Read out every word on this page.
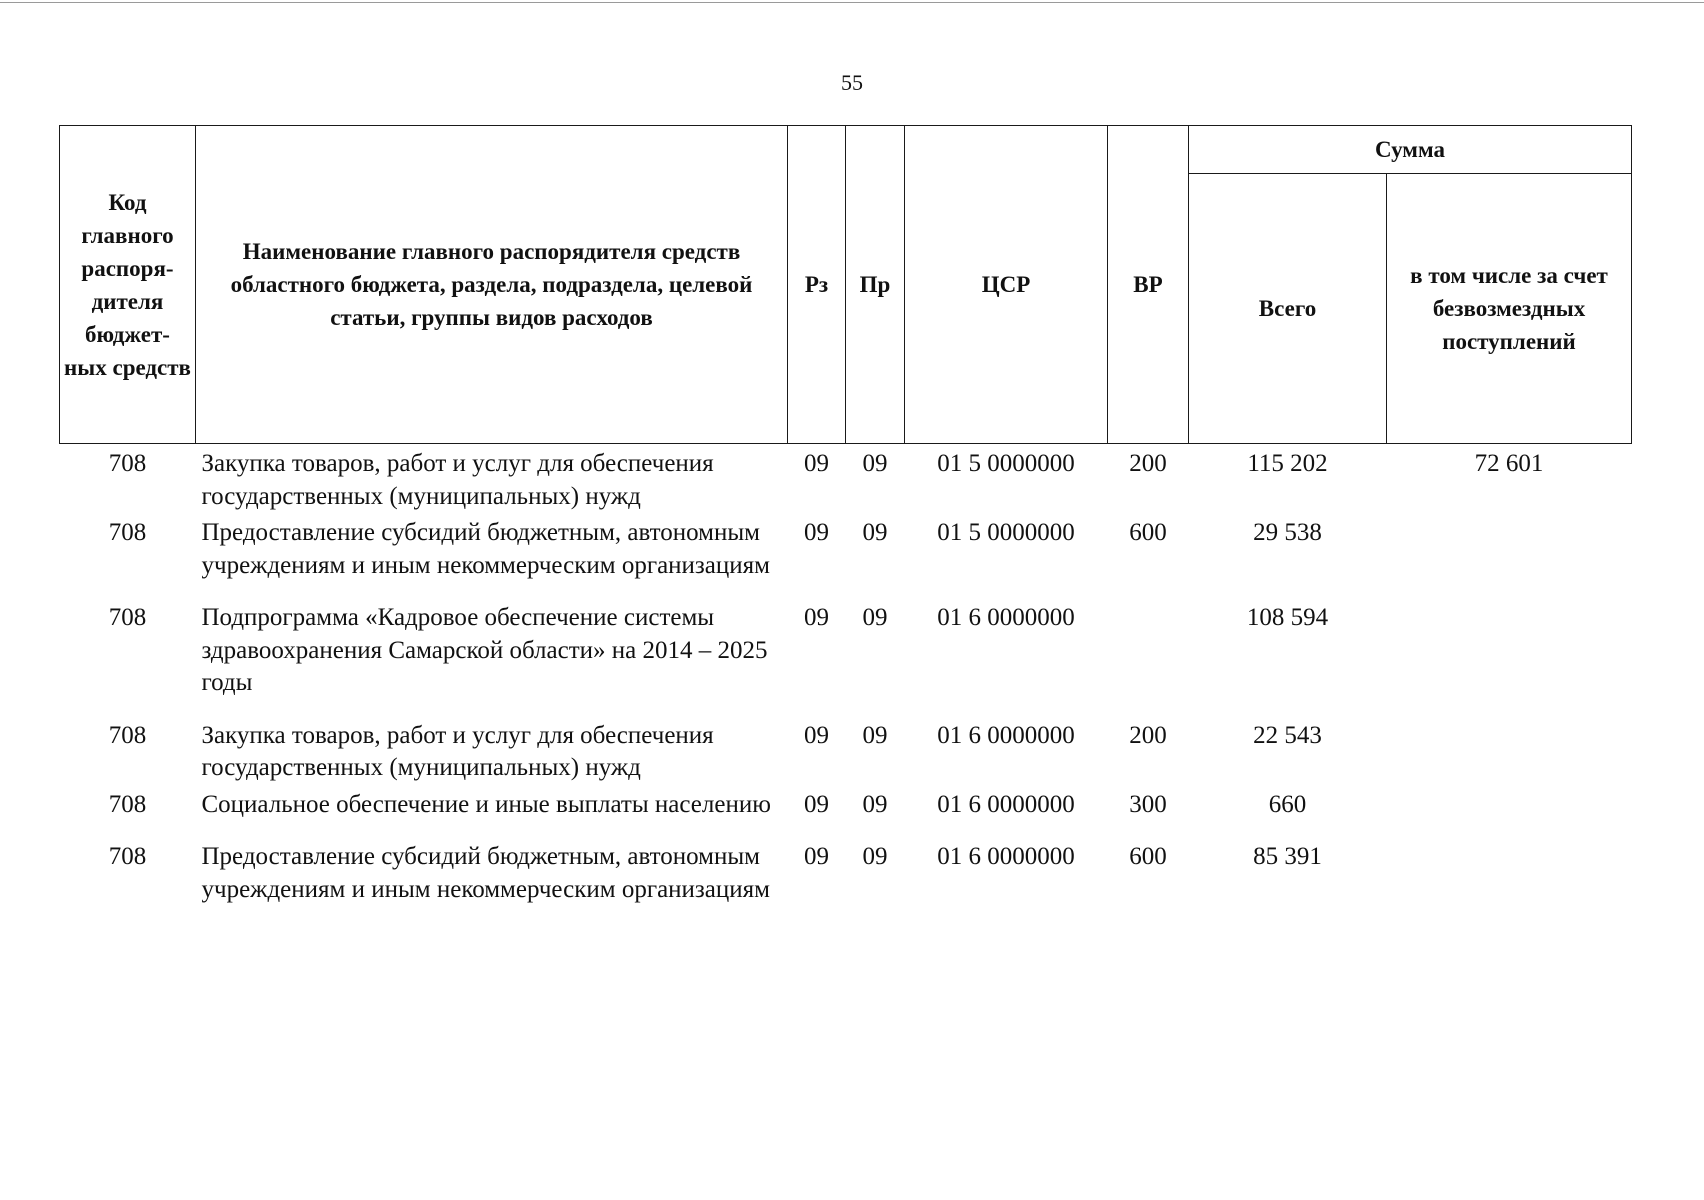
55
Код главного распоря-дителя бюджет-ных средств	Наименование главного распорядителя средств областного бюджета, раздела, подраздела, целевой статьи, группы видов расходов	Рз	Пр	ЦСР	ВР	Сумма	
						Всего	в том числе за счет безвозмездных поступлений
708	Закупка товаров, работ и услуг для обеспечения государственных (муниципальных) нужд	09	09	01 5 0000000	200	115 202	72 601
708	Предоставление субсидий бюджетным, автономным учреждениям и иным некоммерческим организациям	09	09	01 5 0000000	600	29 538	

708	Подпрограмма «Кадровое обеспечение системы здравоохранения Самарской области» на 2014 – 2025 годы	09	09	01 6 0000000		108 594	

708	Закупка товаров, работ и услуг для обеспечения государственных (муниципальных) нужд	09	09	01 6 0000000	200	22 543	
708	Социальное обеспечение и иные выплаты населению	09	09	01 6 0000000	300	660	

708	Предоставление субсидий бюджетным, автономным учреждениям и иным некоммерческим организациям	09	09	01 6 0000000	600	85 391	
